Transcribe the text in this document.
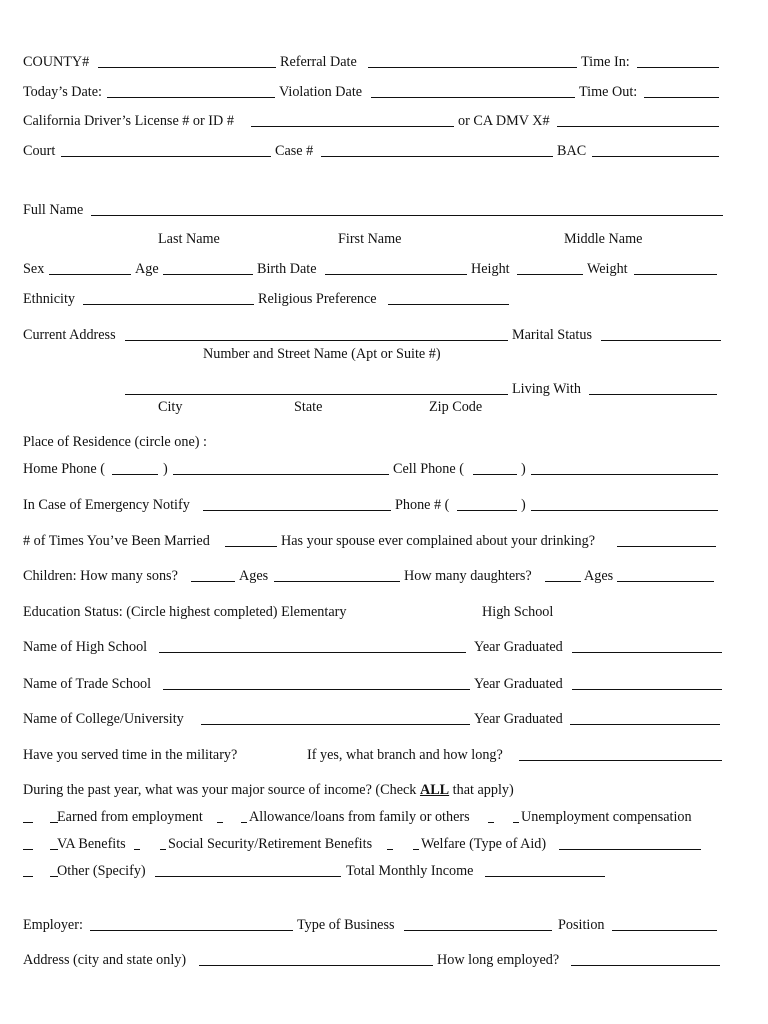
COUNTY#	Referral Date	Time In:
Today’s Date:	Violation Date	Time Out:
California Driver’s License # or ID #	or CA DMV X#
Court	Case #	BAC
Full Name
Last Name	First Name	Middle Name
Sex	Age	Birth Date	Height	Weight
Ethnicity	Religious Preference
Current Address	Marital Status
Number and Street Name (Apt or Suite #)
Living With
City	State	Zip Code
Place of Residence (circle one) :
Home Phone (	)	Cell Phone (	)
In Case of Emergency Notify	Phone # (	)
# of Times You’ve Been Married	Has your spouse ever complained about your drinking?
Children: How many sons?	Ages	How many daughters?	Ages
Education Status: (Circle highest completed) Elementary	High School
Name of High School	Year Graduated
Name of Trade School	Year Graduated
Name of College/University	Year Graduated
Have you served time in the military?	If yes, what branch and how long?
During the past year, what was your major source of income? (Check ALL that apply)
Earned from employment	Allowance/loans from family or others	Unemployment compensation
VA Benefits	Social Security/Retirement Benefits	Welfare (Type of Aid)
Other (Specify)	Total Monthly Income
Employer:	Type of Business	Position
Address (city and state only)	How long employed?
